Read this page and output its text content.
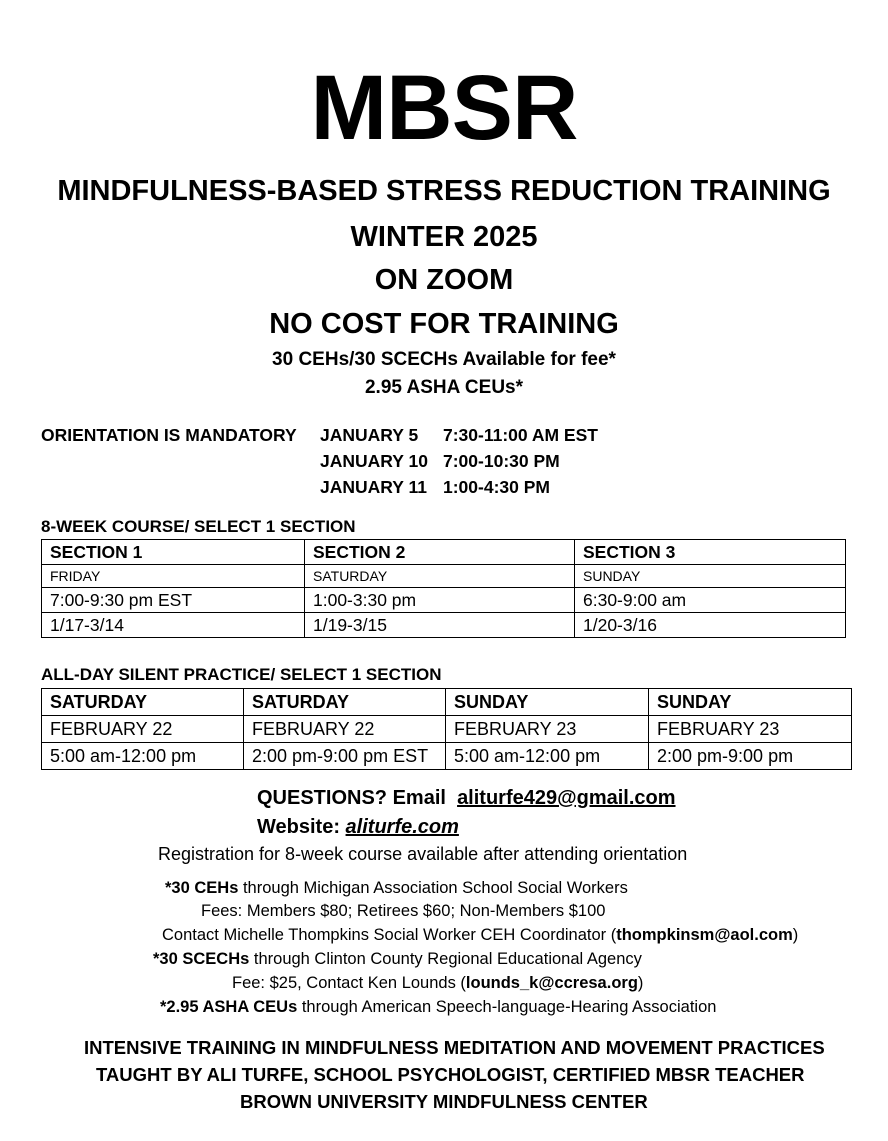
MBSR
MINDFULNESS-BASED STRESS REDUCTION TRAINING
WINTER 2025
ON ZOOM
NO COST FOR TRAINING
30 CEHs/30 SCECHs Available for fee*
2.95 ASHA CEUs*
ORIENTATION IS MANDATORY JANUARY 5 7:30-11:00 AM EST
JANUARY 10 7:00-10:30 PM
JANUARY 11 1:00-4:30 PM
8-WEEK COURSE/ SELECT 1 SECTION
SECTION 1	SECTION 2	SECTION 3
FRIDAY	SATURDAY	SUNDAY
7:00-9:30 pm EST	1:00-3:30 pm	6:30-9:00 am
1/17-3/14	1/19-3/15	1/20-3/16
ALL-DAY SILENT PRACTICE/ SELECT 1 SECTION
SATURDAY	SATURDAY	SUNDAY	SUNDAY
FEBRUARY 22	FEBRUARY 22	FEBRUARY 23	FEBRUARY 23
5:00 am-12:00 pm	2:00 pm-9:00 pm EST	5:00 am-12:00 pm	2:00 pm-9:00 pm
QUESTIONS? Email aliturfe429@gmail.com
Website: aliturfe.com
Registration for 8-week course available after attending orientation
*30 CEHs through Michigan Association School Social Workers
Fees: Members $80; Retirees $60; Non-Members $100
Contact Michelle Thompkins Social Worker CEH Coordinator (thompkinsm@aol.com)
*30 SCECHs through Clinton County Regional Educational Agency
Fee: $25, Contact Ken Lounds (lounds_k@ccresa.org)
*2.95 ASHA CEUs through American Speech-language-Hearing Association
INTENSIVE TRAINING IN MINDFULNESS MEDITATION AND MOVEMENT PRACTICES
TAUGHT BY ALI TURFE, SCHOOL PSYCHOLOGIST, CERTIFIED MBSR TEACHER
BROWN UNIVERSITY MINDFULNESS CENTER
